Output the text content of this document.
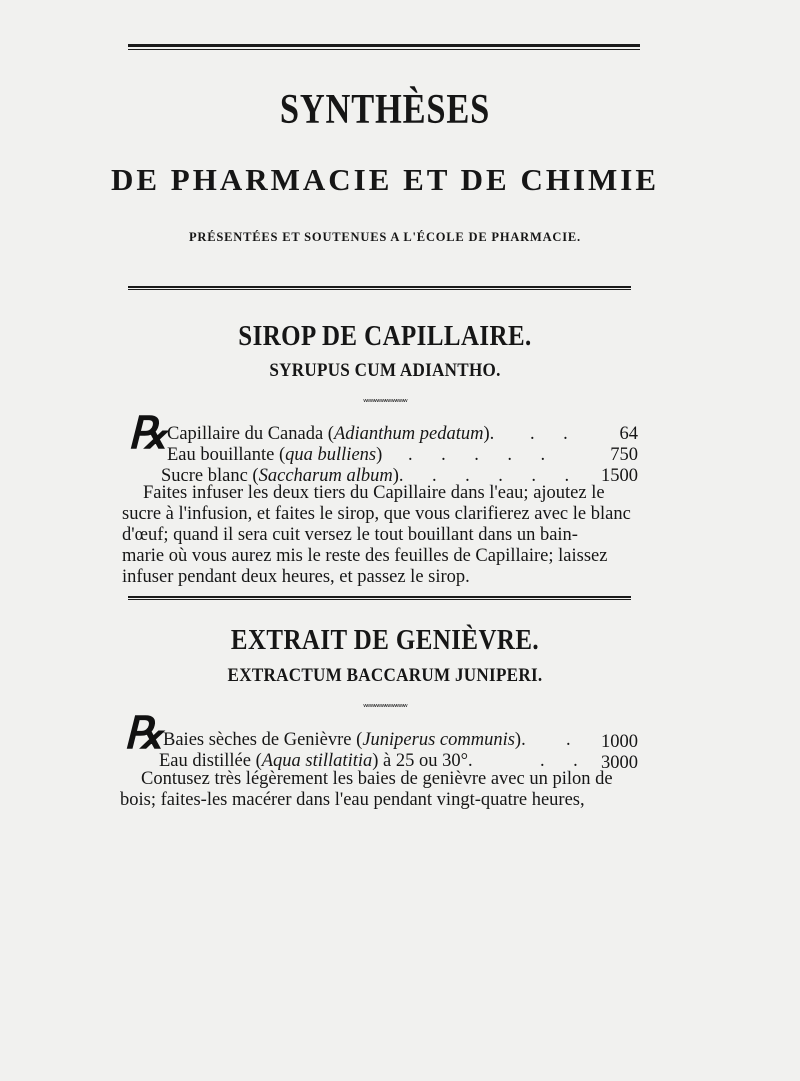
SYNTHÈSES
DE PHARMACIE ET DE CHIMIE
PRÉSENTÉES ET SOUTENUES A L'ÉCOLE DE PHARMACIE.
SIROP DE CAPILLAIRE.
SYRUPUS CUM ADIANTHO.
ʷʷʷʷʷʷʷʷʷʷʷʷ
℞ Capillaire du Canada (Adianthum pedatum). .    .	64
Eau bouillante (qua bulliens) .    .    .    .    .	750
Sucre blanc (Saccharum album). .    .    .    .    .	1500
Faites infuser les deux tiers du Capillaire dans l'eau; ajoutez le
sucre à l'infusion, et faites le sirop, que vous clarifierez avec le blanc
d'œuf; quand il sera cuit versez le tout bouillant dans un bain-
marie où vous aurez mis le reste des feuilles de Capillaire; laissez
infuser pendant deux heures, et passez le sirop.
EXTRAIT DE GENIÈVRE.
EXTRACTUM BACCARUM JUNIPERI.
ʷʷʷʷʷʷʷʷʷʷʷʷ
℞ Baies sèches de Genièvre (Juniperus communis). .	1000
Eau distillée (Aqua stillatitia) à 25 ou 30°.	.    .	3000
Contusez très légèrement les baies de genièvre avec un pilon de
bois; faites-les macérer dans l'eau pendant vingt-quatre heures,
